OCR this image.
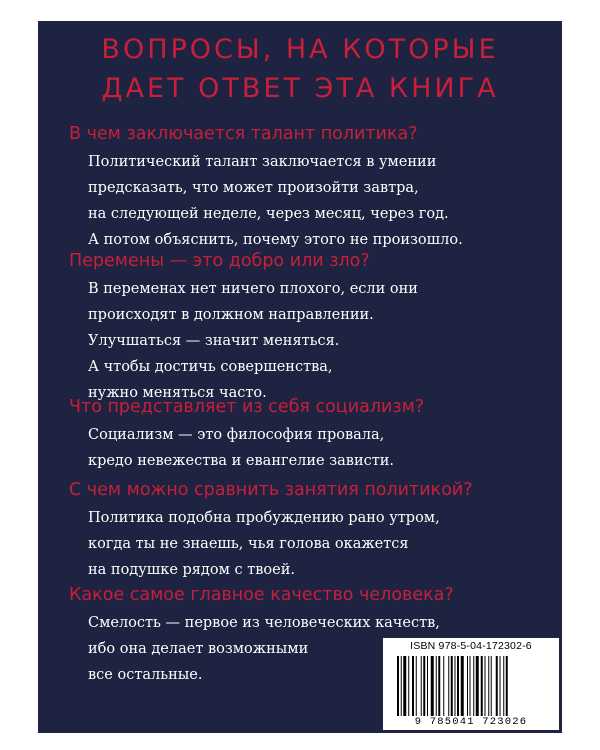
ВОПРОСЫ, НА КОТОРЫЕ
ДАЕТ ОТВЕТ ЭТА КНИГА
В чем заключается талант политика?
Политический талант заключается в умении
предсказать, что может произойти завтра,
на следующей неделе, через месяц, через год.
А потом объяснить, почему этого не произошло.
Перемены — это добро или зло?
В переменах нет ничего плохого, если они
происходят в должном направлении.
Улучшаться — значит меняться.
А чтобы достичь совершенства,
нужно меняться часто.
Что представляет из себя социализм?
Социализм — это философия провала,
кредо невежества и евангелие зависти.
С чем можно сравнить занятия политикой?
Политика подобна пробуждению рано утром,
когда ты не знаешь, чья голова окажется
на подушке рядом с твоей.
Какое самое главное качество человека?
Смелость — первое из человеческих качеств,
ибо она делает возможными
все остальные.
ISBN 978-5-04-172302-6
9 785041 723026
